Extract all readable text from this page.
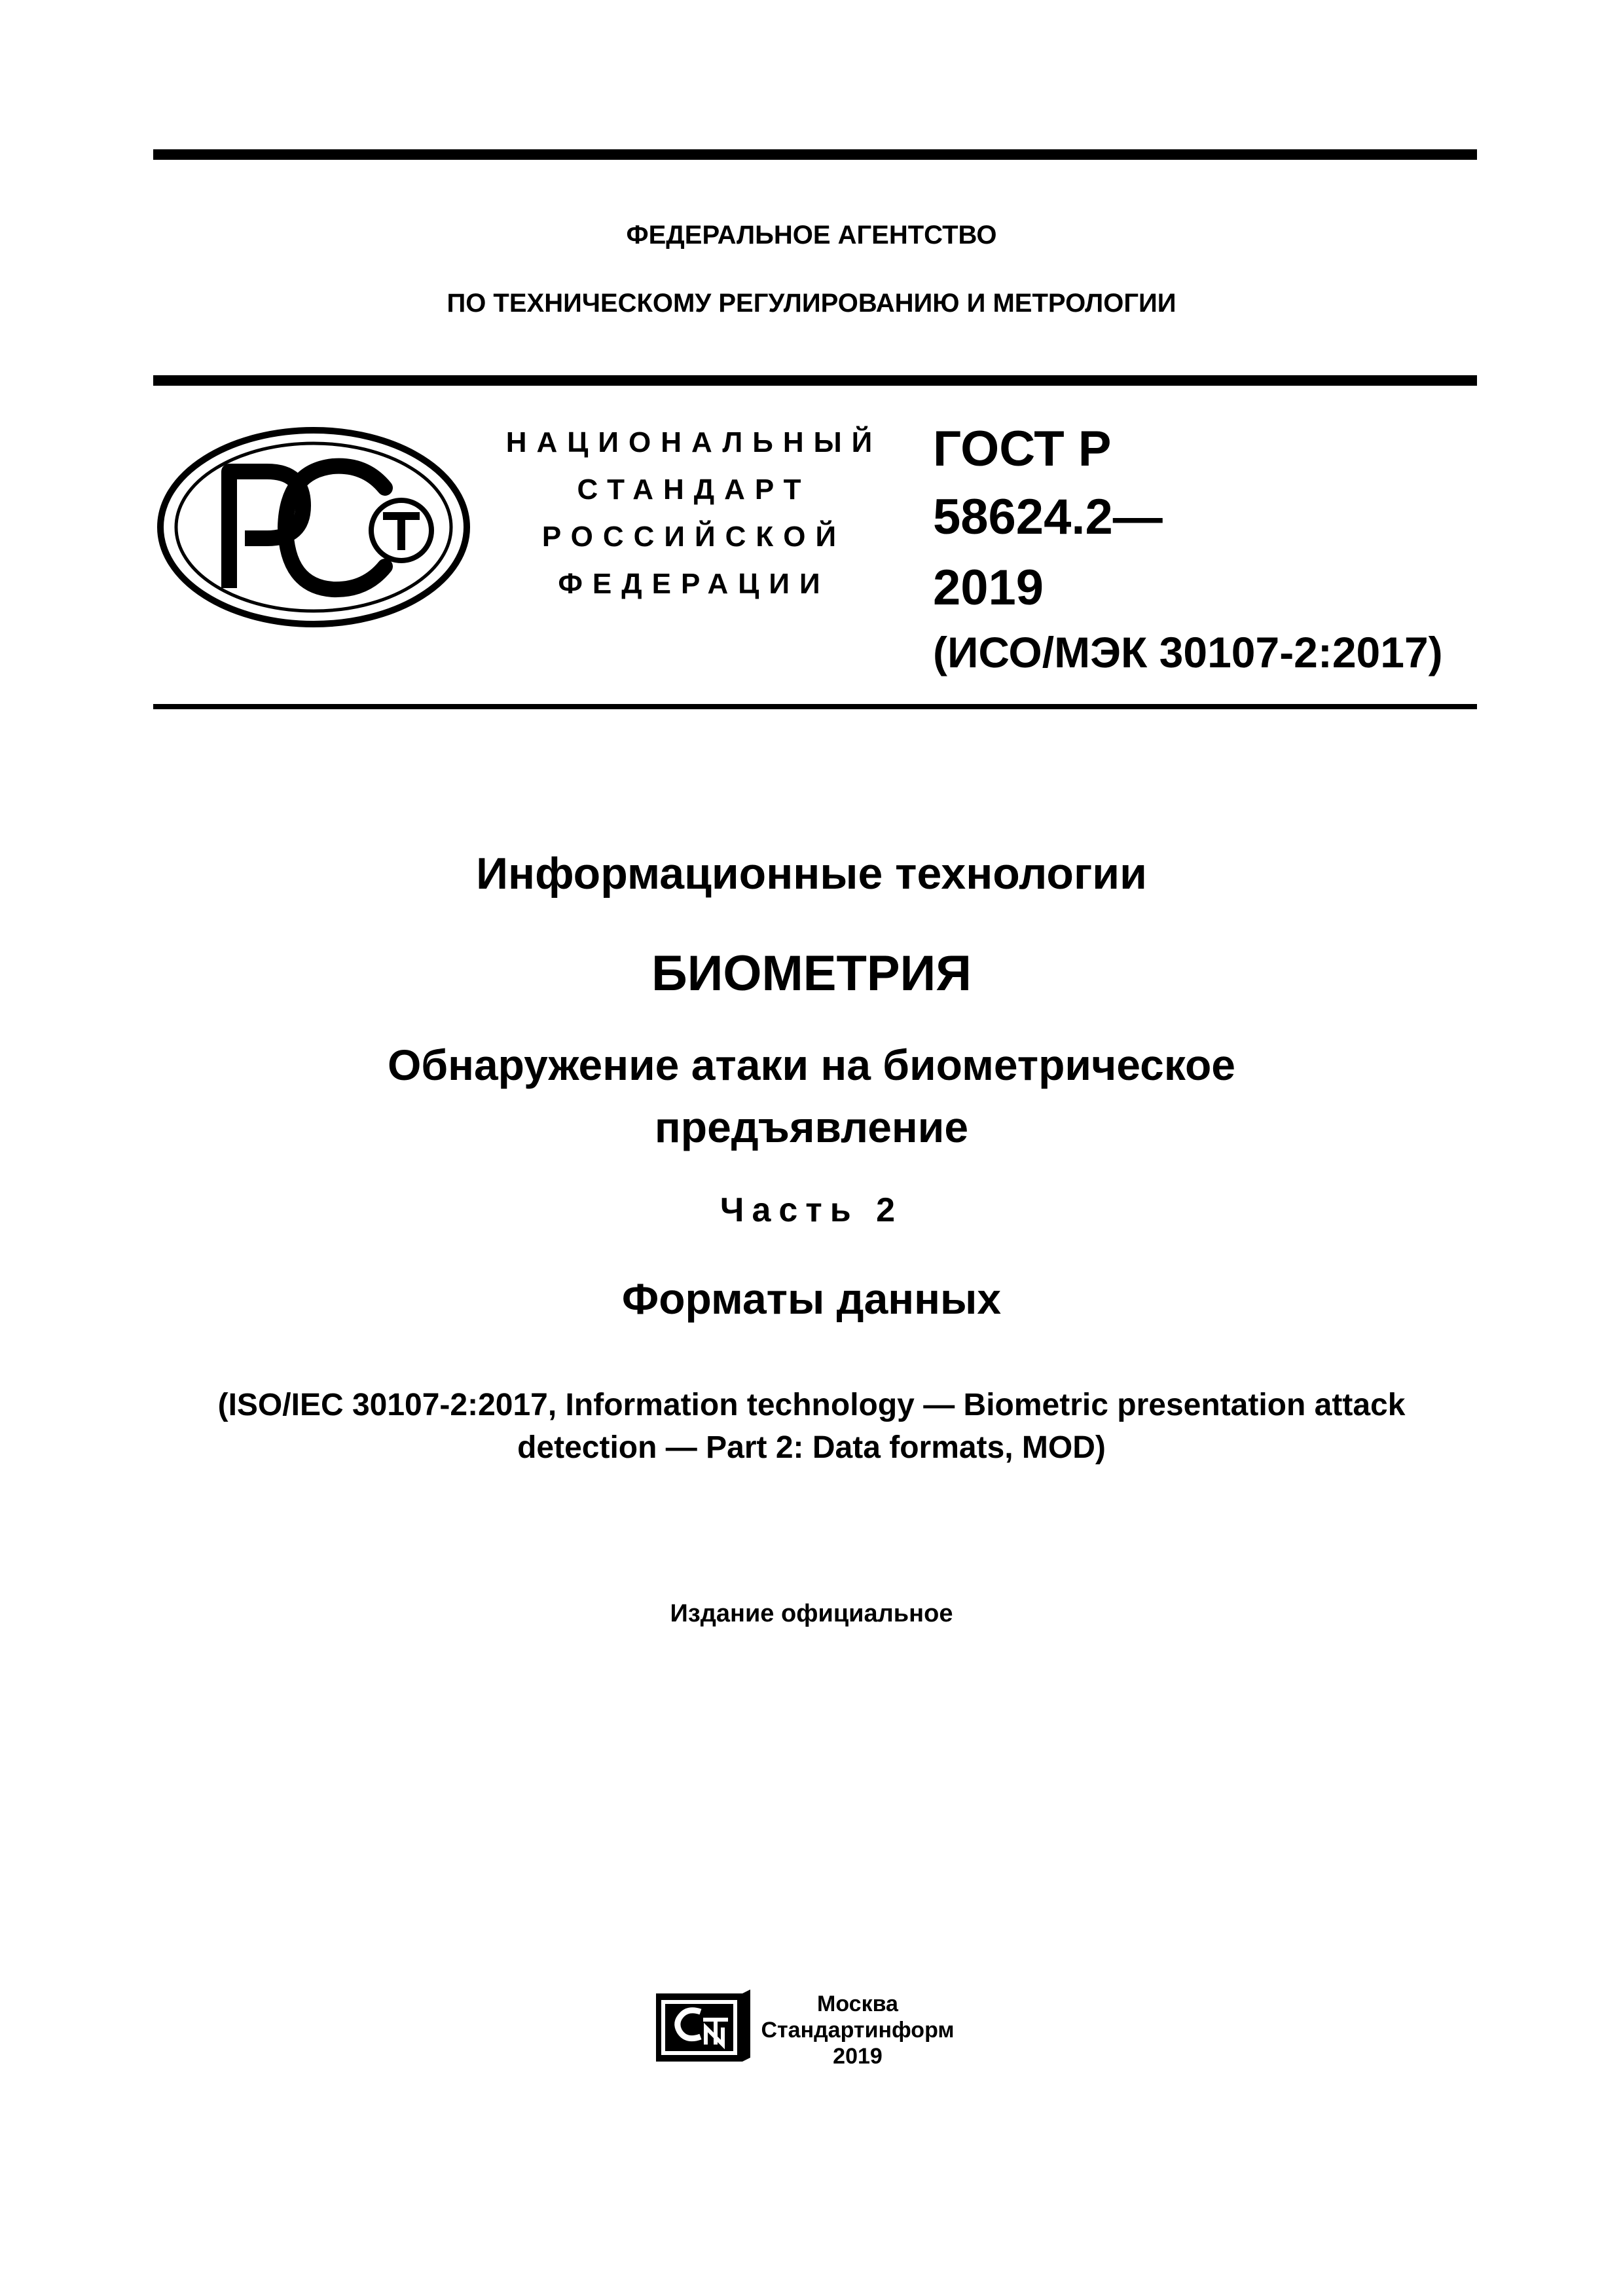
ФЕДЕРАЛЬНОЕ АГЕНТСТВО
ПО ТЕХНИЧЕСКОМУ РЕГУЛИРОВАНИЮ И МЕТРОЛОГИИ
НАЦИОНАЛЬНЫЙ
СТАНДАРТ
РОССИЙСКОЙ
ФЕДЕРАЦИИ
ГОСТ Р
58624.2—
2019
(ИСО/МЭК 30107-2:2017)
Информационные технологии
БИОМЕТРИЯ
Обнаружение атаки на биометрическое
предъявление
Часть 2
Форматы данных
(ISO/IEC 30107-2:2017, Information technology — Biometric presentation attack
detection — Part 2: Data formats, MOD)
Издание официальное
Москва
Стандартинформ
2019
